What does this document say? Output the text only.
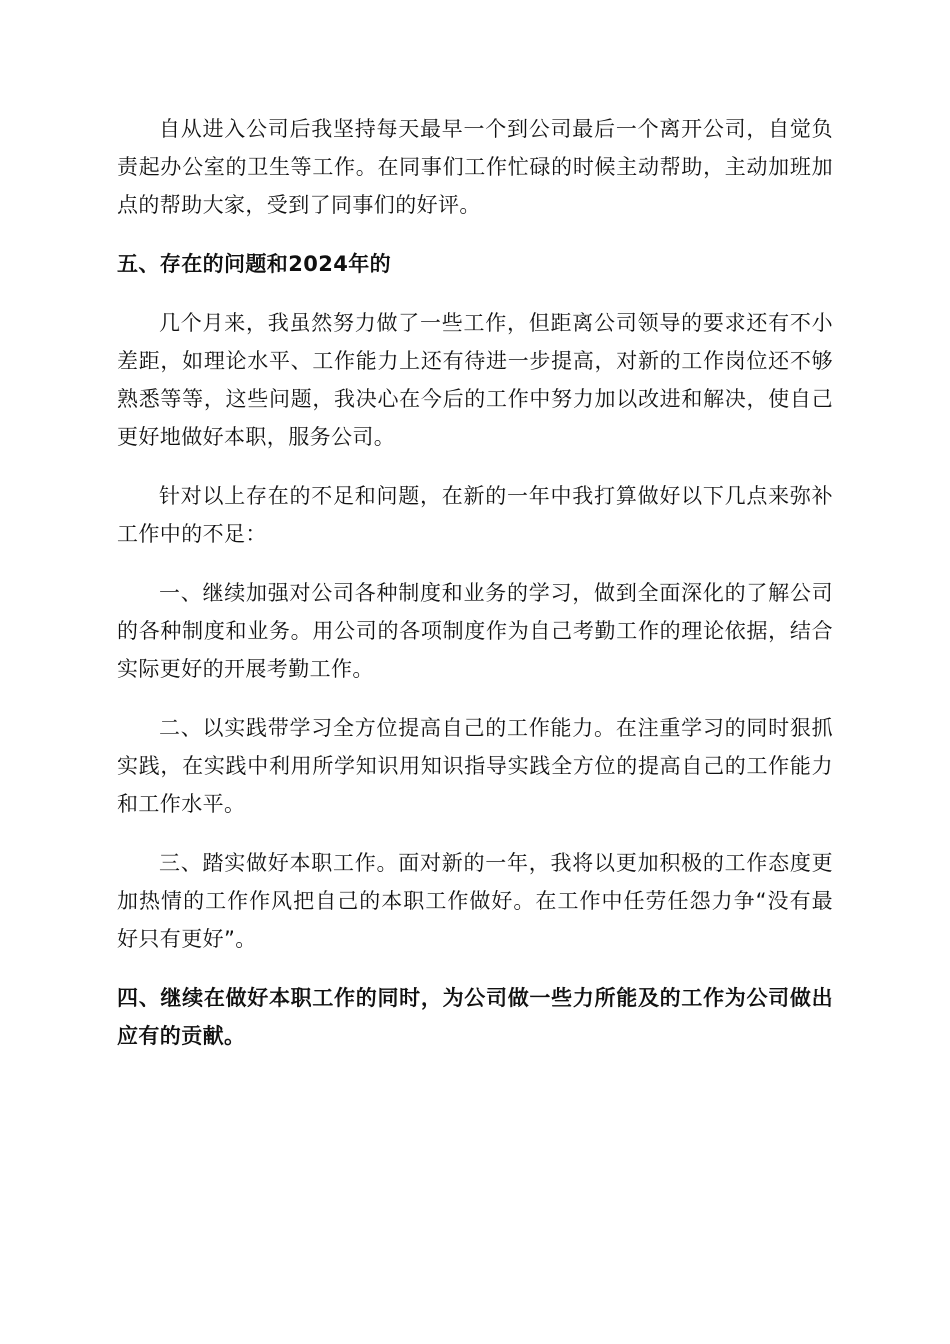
自从进入公司后我坚持每天最早一个到公司最后一个离开公司，自觉负责起办公室的卫生等工作。在同事们工作忙碌的时候主动帮助，主动加班加点的帮助大家，受到了同事们的好评。

五、存在的问题和2024年的

几个月来，我虽然努力做了一些工作，但距离公司领导的要求还有不小差距，如理论水平、工作能力上还有待进一步提高，对新的工作岗位还不够熟悉等等，这些问题，我决心在今后的工作中努力加以改进和解决，使自己更好地做好本职，服务公司。

针对以上存在的不足和问题，在新的一年中我打算做好以下几点来弥补工作中的不足：

一、继续加强对公司各种制度和业务的学习，做到全面深化的了解公司的各种制度和业务。用公司的各项制度作为自己考勤工作的理论依据，结合实际更好的开展考勤工作。

二、以实践带学习全方位提高自己的工作能力。在注重学习的同时狠抓实践，在实践中利用所学知识用知识指导实践全方位的提高自己的工作能力和工作水平。

三、踏实做好本职工作。面对新的一年，我将以更加积极的工作态度更加热情的工作作风把自己的本职工作做好。在工作中任劳任怨力争“没有最好只有更好”。

四、继续在做好本职工作的同时，为公司做一些力所能及的工作为公司做出应有的贡献。
